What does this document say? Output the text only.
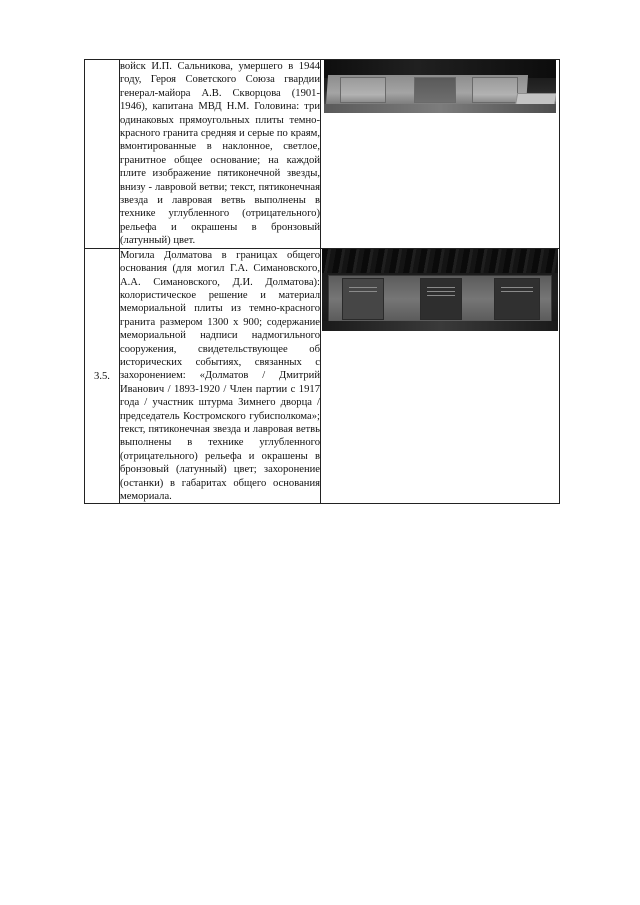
	войск И.П. Сальникова, умершего в 1944 году, Героя Советского Союза гвардии генерал-майора А.В. Скворцова (1901-1946), капитана МВД Н.М. Головина: три одинаковых прямоугольных плиты темно-красного гранита средняя и серые по краям, вмонтированные в наклонное, светлое, гранитное общее основание; на каждой плите изображение пятиконечной звезды, внизу - лавровой ветви; текст, пятиконечная звезда и лавровая ветвь выполнены в технике углубленного (отрицательного) рельефа и окрашены в бронзовый (латунный) цвет.	

3.5.	Могила Долматова в границах общего основания (для могил Г.А. Симановского, А.А. Симановского, Д.И. Долматова): колористическое решение и материал мемориальной плиты из темно-красного гранита размером 1300 х 900; содержание мемориальной надписи надмогильного сооружения, свидетельствующее об исторических событиях, связанных с захоронением: «Долматов / Дмитрий Иванович / 1893-1920 / Член партии с 1917 года / участник штурма Зимнего дворца / председатель Костромского губисполкома»; текст, пятиконечная звезда и лавровая ветвь выполнены в технике углубленного (отрицательного) рельефа и окрашены в бронзовый (латунный) цвет; захоронение (останки) в габаритах общего основания мемориала.	
